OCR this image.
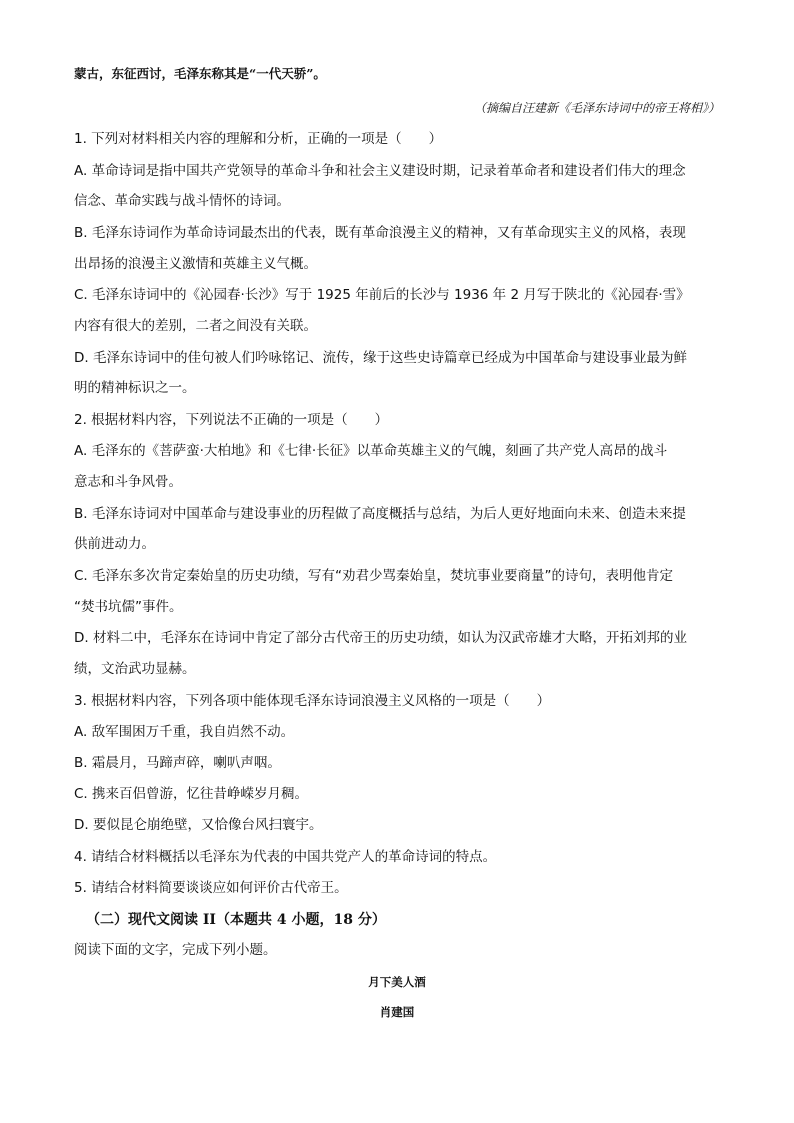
蒙古，东征西讨，毛泽东称其是“一代天骄”。
（摘编自汪建新《毛泽东诗词中的帝王将相》）
1. 下列对材料相关内容的理解和分析，正确的一项是（　　）
A. 革命诗词是指中国共产党领导的革命斗争和社会主义建设时期，记录着革命者和建设者们伟大的理念
信念、革命实践与战斗情怀的诗词。
B. 毛泽东诗词作为革命诗词最杰出的代表，既有革命浪漫主义的精神，又有革命现实主义的风格，表现
出昂扬的浪漫主义激情和英雄主义气概。
C. 毛泽东诗词中的《沁园春·长沙》写于 1925 年前后的长沙与 1936 年 2 月写于陕北的《沁园春·雪》
内容有很大的差别，二者之间没有关联。
D. 毛泽东诗词中的佳句被人们吟咏铭记、流传，缘于这些史诗篇章已经成为中国革命与建设事业最为鲜
明的精神标识之一。
2. 根据材料内容，下列说法不正确的一项是（　　）
A. 毛泽东的《菩萨蛮·大柏地》和《七律·长征》以革命英雄主义的气魄，刻画了共产党人高昂的战斗
意志和斗争风骨。
B. 毛泽东诗词对中国革命与建设事业的历程做了高度概括与总结，为后人更好地面向未来、创造未来提
供前进动力。
C. 毛泽东多次肯定秦始皇的历史功绩，写有“劝君少骂秦始皇，焚坑事业要商量”的诗句，表明他肯定
“焚书坑儒”事件。
D. 材料二中，毛泽东在诗词中肯定了部分古代帝王的历史功绩，如认为汉武帝雄才大略，开拓刘邦的业
绩，文治武功显赫。
3. 根据材料内容，下列各项中能体现毛泽东诗词浪漫主义风格的一项是（　　）
A. 敌军围困万千重，我自岿然不动。
B. 霜晨月，马蹄声碎，喇叭声咽。
C. 携来百侣曾游，忆往昔峥嵘岁月稠。
D. 要似昆仑崩绝壁，又恰像台风扫寰宇。
4. 请结合材料概括以毛泽东为代表的中国共党产人的革命诗词的特点。
5. 请结合材料简要谈谈应如何评价古代帝王。
（二）现代文阅读 II（本题共 4 小题，18 分）
阅读下面的文字，完成下列小题。
月下美人酒
肖建国
